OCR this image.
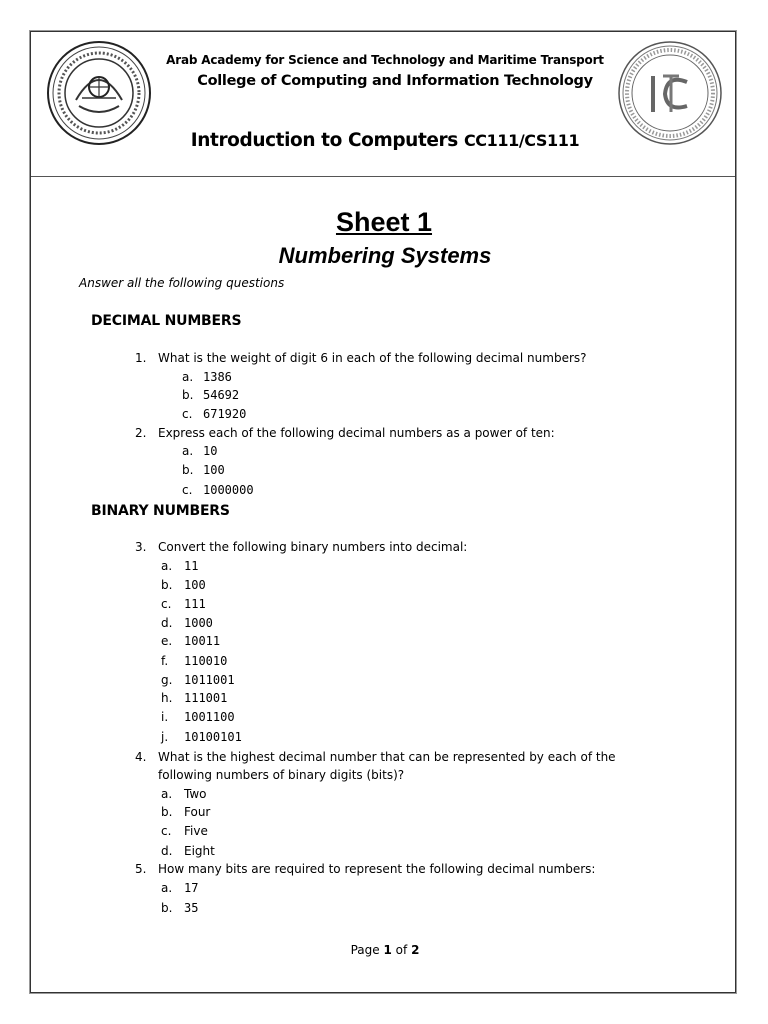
Arab Academy for Science and Technology and Maritime Transport
College of Computing and Information Technology
Introduction to Computers CC111/CS111
Sheet 1
Numbering Systems
Answer all the following questions
DECIMAL NUMBERS
1. What is the weight of digit 6 in each of the following decimal numbers?
a. 1386
b. 54692
c. 671920
2. Express each of the following decimal numbers as a power of ten:
a. 10
b. 100
c. 1000000
BINARY NUMBERS
3. Convert the following binary numbers into decimal:
a. 11
b. 100
c. 111
d. 1000
e. 10011
f. 110010
g. 1011001
h. 111001
i. 1001100
j. 10100101
4. What is the highest decimal number that can be represented by each of the
following numbers of binary digits (bits)?
a. Two
b. Four
c. Five
d. Eight
5. How many bits are required to represent the following decimal numbers:
a. 17
b. 35
Page 1 of 2
